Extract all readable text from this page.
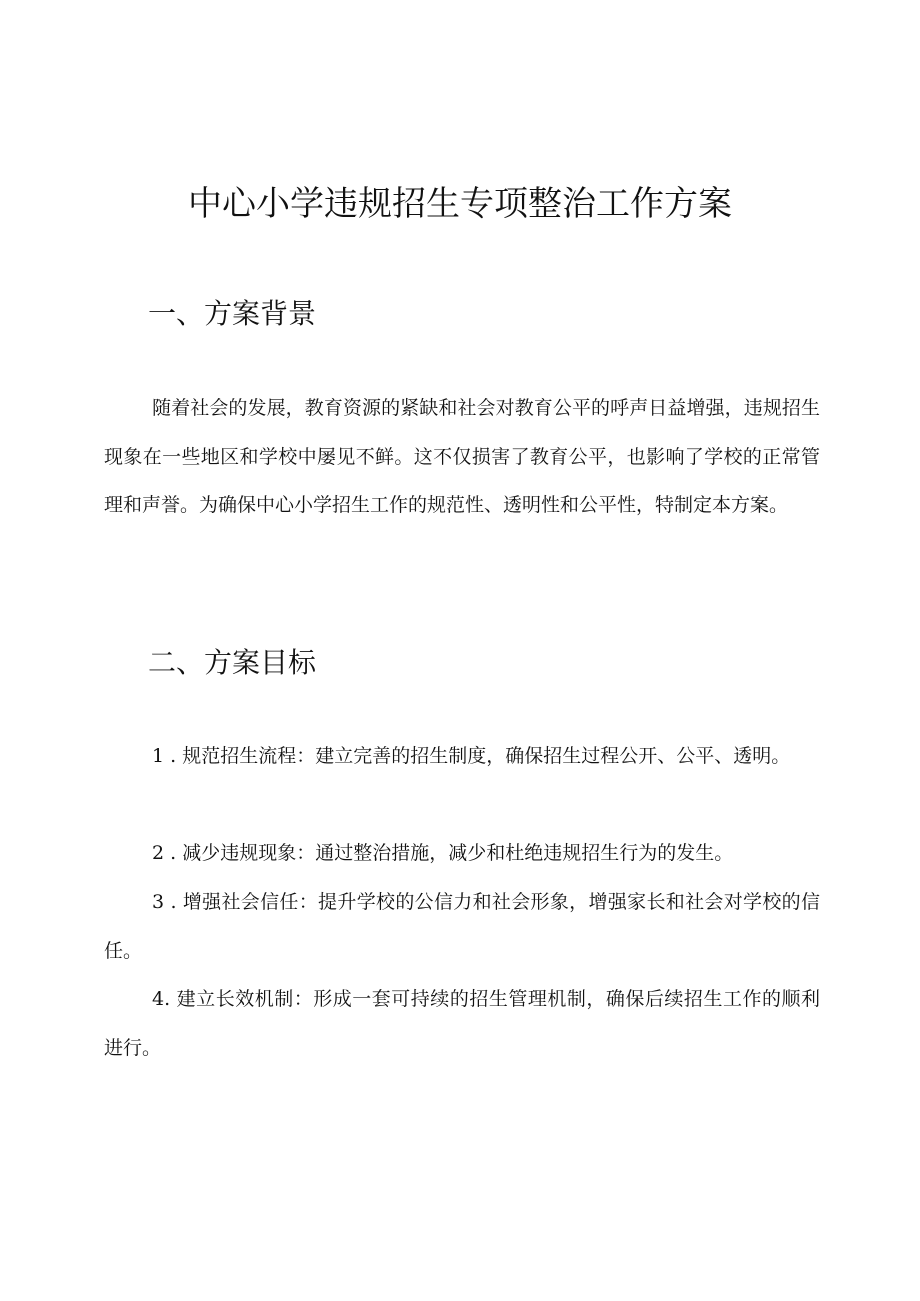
中心小学违规招生专项整治工作方案
一、方案背景

随着社会的发展，教育资源的紧缺和社会对教育公平的呼声日益增强，违规招生现象在一些地区和学校中屡见不鲜。这不仅损害了教育公平，也影响了学校的正常管理和声誉。为确保中心小学招生工作的规范性、透明性和公平性，特制定本方案。

二、方案目标

1 . 规范招生流程：建立完善的招生制度，确保招生过程公开、公平、透明。

2 . 减少违规现象：通过整治措施，减少和杜绝违规招生行为的发生。

3 . 增强社会信任：提升学校的公信力和社会形象，增强家长和社会对学校的信任。

4. 建立长效机制：形成一套可持续的招生管理机制，确保后续招生工作的顺利进行。
